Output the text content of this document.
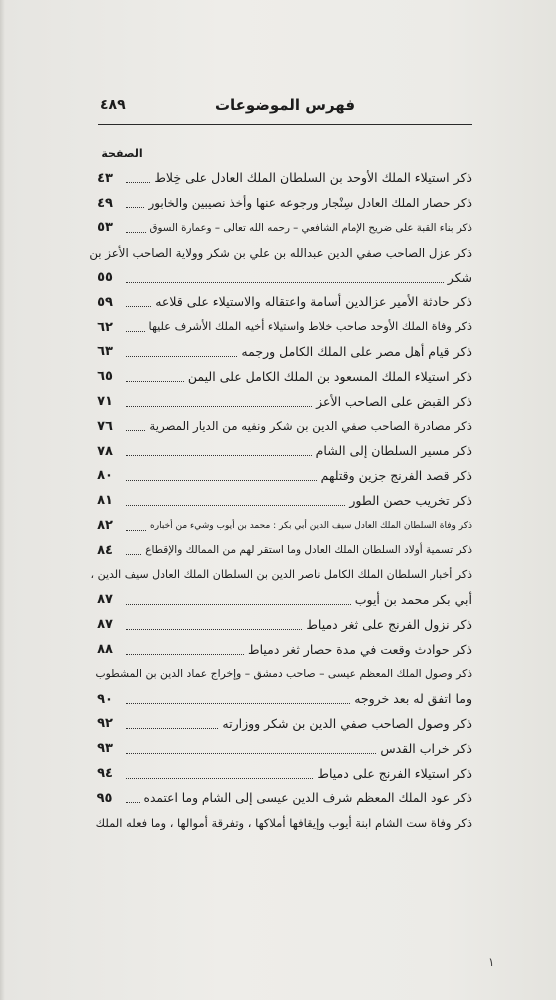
فهرس الموضوعات
٤٨٩
الصفحة
ذكر استيلاء الملك الأوحد بن السلطان الملك العادل على خِلاط
٤٣
ذكر حصار الملك العادل سِنْجار ورجوعه عنها وأخذ نصيبين والخابور
٤٩
ذكر بناء القبة على ضريح الإمام الشافعي – رحمه الله تعالى – وعمارة السوق
٥٣
ذكر عزل الصاحب صفي الدين عبدالله بن علي بن شكر وولاية الصاحب الأعز بن
شكر
٥٥
ذكر حادثة الأمير عزالدين أسامة واعتقاله والاستيلاء على قلاعه
٥٩
ذكر وفاة الملك الأوحد صاحب خلاط واستيلاء أخيه الملك الأشرف عليها
٦٢
ذكر قيام أهل مصر على الملك الكامل ورجمه
٦٣
ذكر استيلاء الملك المسعود بن الملك الكامل على اليمن
٦٥
ذكر القبض على الصاحب الأعز
٧١
ذكر مصادرة الصاحب صفي الدين بن شكر ونفيه من الديار المصرية
٧٦
ذكر مسير السلطان إلى الشام
٧٨
ذكر قصد الفرنج جزين وقتلهم
٨٠
ذكر تخريب حصن الطور
٨١
ذكر وفاة السلطان الملك العادل سيف الدين أبي بكر : محمد بن أيوب وشيء من أخباره
٨٢
ذكر تسمية أولاد السلطان الملك العادل وما استقر لهم من الممالك والإقطاع
٨٤
ذكر أخبار السلطان الملك الكامل ناصر الدين بن السلطان الملك العادل سيف الدين ،
أبي بكر محمد بن أيوب
٨٧
ذكر نزول الفرنج على ثغر دمياط
٨٧
ذكر حوادث وقعت في مدة حصار ثغر دمياط
٨٨
ذكر وصول الملك المعظم عيسى – صاحب دمشق – وإخراج عماد الدين بن المشطوب
وما اتفق له بعد خروجه
٩٠
ذكر وصول الصاحب صفي الدين بن شكر ووزارته
٩٢
ذكر خراب القدس
٩٣
ذكر استيلاء الفرنج على دمياط
٩٤
ذكر عود الملك المعظم شرف الدين عيسى إلى الشام وما اعتمده
٩٥
ذكر وفاة ست الشام ابنة أيوب وإيقافها أملاكها ، وتفرقة أموالها ، وما فعله الملك
١
